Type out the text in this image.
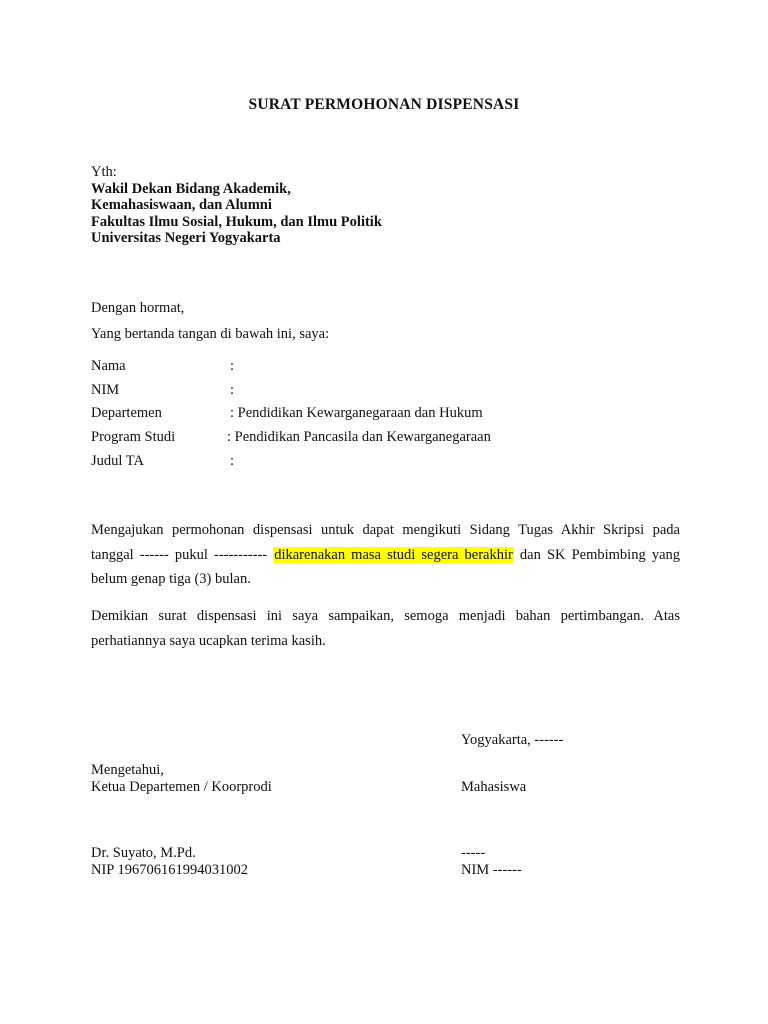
SURAT PERMOHONAN DISPENSASI
Yth:
Wakil Dekan Bidang Akademik,
Kemahasiswaan, dan Alumni
Fakultas Ilmu Sosial, Hukum, dan Ilmu Politik
Universitas Negeri Yogyakarta
Dengan hormat,
Yang bertanda tangan di bawah ini, saya:
Nama	:
NIM	:
Departemen	: Pendidikan Kewarganegaraan dan Hukum
Program Studi	: Pendidikan Pancasila dan Kewarganegaraan
Judul TA	:
Mengajukan permohonan dispensasi untuk dapat mengikuti Sidang Tugas Akhir Skripsi pada
tanggal ------ pukul ----------- dikarenakan masa studi segera berakhir dan SK Pembimbing yang
belum genap tiga (3) bulan.
Demikian surat dispensasi ini saya sampaikan, semoga menjadi bahan pertimbangan. Atas
perhatiannya saya ucapkan terima kasih.
Yogyakarta, ------
Mengetahui,
Ketua Departemen / Koorprodi	Mahasiswa
Dr. Suyato, M.Pd.
NIP 196706161994031002
-----
NIM ------
